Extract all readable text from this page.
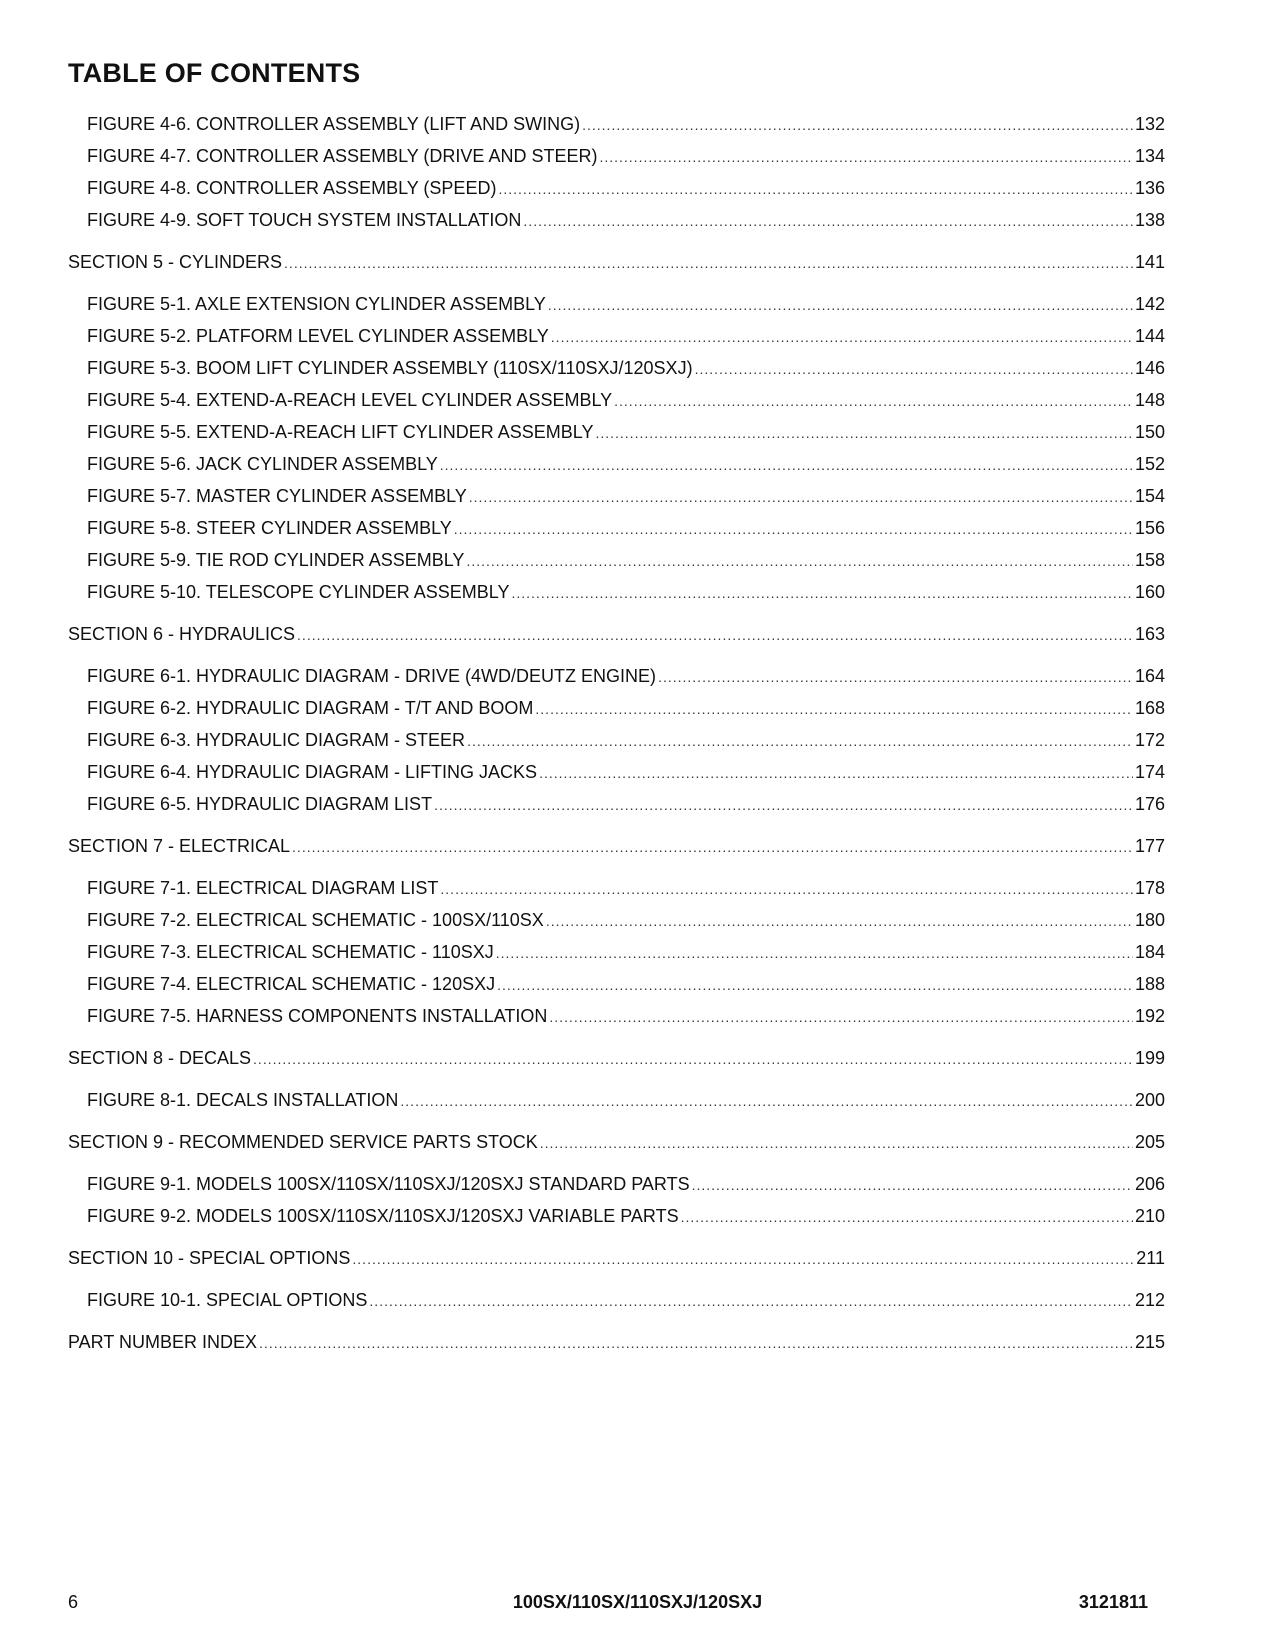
TABLE OF CONTENTS
FIGURE 4-6. CONTROLLER ASSEMBLY (LIFT AND SWING) .....	132
FIGURE 4-7. CONTROLLER ASSEMBLY (DRIVE AND STEER) .....	134
FIGURE 4-8. CONTROLLER ASSEMBLY (SPEED) .....	136
FIGURE 4-9. SOFT TOUCH SYSTEM INSTALLATION .....	138
SECTION 5 - CYLINDERS .....	141
FIGURE 5-1. AXLE EXTENSION CYLINDER ASSEMBLY .....	142
FIGURE 5-2. PLATFORM LEVEL CYLINDER ASSEMBLY .....	144
FIGURE 5-3. BOOM LIFT CYLINDER ASSEMBLY (110SX/110SXJ/120SXJ) .....	146
FIGURE 5-4. EXTEND-A-REACH LEVEL CYLINDER ASSEMBLY .....	148
FIGURE 5-5. EXTEND-A-REACH LIFT CYLINDER ASSEMBLY .....	150
FIGURE 5-6. JACK CYLINDER ASSEMBLY .....	152
FIGURE 5-7. MASTER CYLINDER ASSEMBLY .....	154
FIGURE 5-8. STEER CYLINDER ASSEMBLY .....	156
FIGURE 5-9. TIE ROD CYLINDER ASSEMBLY .....	158
FIGURE 5-10. TELESCOPE CYLINDER ASSEMBLY .....	160
SECTION 6 - HYDRAULICS .....	163
FIGURE 6-1. HYDRAULIC DIAGRAM - DRIVE (4WD/DEUTZ ENGINE) .....	164
FIGURE 6-2. HYDRAULIC DIAGRAM - T/T AND BOOM .....	168
FIGURE 6-3. HYDRAULIC DIAGRAM - STEER .....	172
FIGURE 6-4. HYDRAULIC DIAGRAM - LIFTING JACKS .....	174
FIGURE 6-5. HYDRAULIC DIAGRAM LIST .....	176
SECTION 7 - ELECTRICAL .....	177
FIGURE 7-1. ELECTRICAL DIAGRAM LIST .....	178
FIGURE 7-2. ELECTRICAL SCHEMATIC - 100SX/110SX .....	180
FIGURE 7-3. ELECTRICAL SCHEMATIC - 110SXJ .....	184
FIGURE 7-4. ELECTRICAL SCHEMATIC - 120SXJ .....	188
FIGURE 7-5. HARNESS COMPONENTS INSTALLATION .....	192
SECTION 8 - DECALS .....	199
FIGURE 8-1. DECALS INSTALLATION .....	200
SECTION 9 - RECOMMENDED SERVICE PARTS STOCK .....	205
FIGURE 9-1. MODELS 100SX/110SX/110SXJ/120SXJ STANDARD PARTS .....	206
FIGURE 9-2. MODELS 100SX/110SX/110SXJ/120SXJ VARIABLE PARTS .....	210
SECTION 10 - SPECIAL OPTIONS .....	211
FIGURE 10-1. SPECIAL OPTIONS .....	212
PART NUMBER INDEX .....	215
6	100SX/110SX/110SXJ/120SXJ	3121811
